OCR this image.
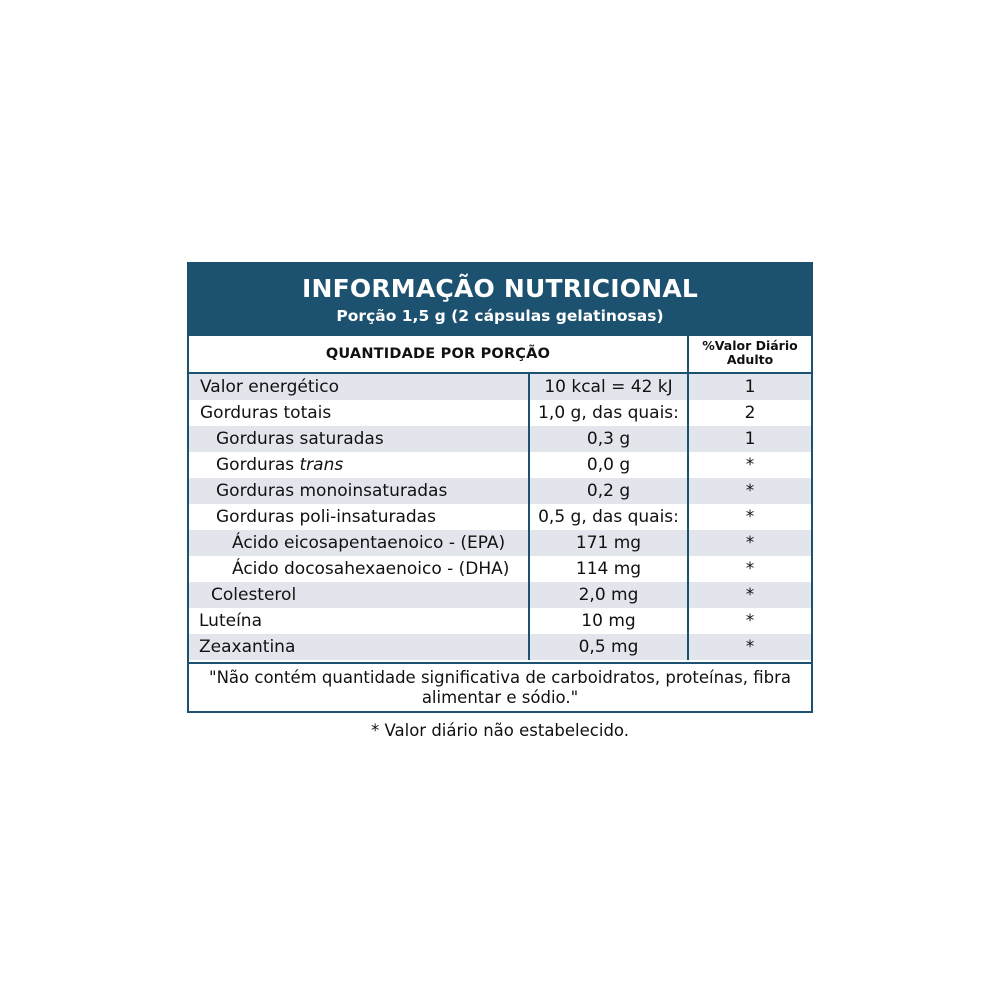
INFORMAÇÃO NUTRICIONAL
Porção 1,5 g (2 cápsulas gelatinosas)
QUANTIDADE POR PORÇÃO
%Valor Diário
Adulto
Valor energético	10 kcal = 42 kJ	1
Gorduras totais	1,0 g, das quais:	2
Gorduras saturadas	0,3 g	1
Gorduras trans	0,0 g	*
Gorduras monoinsaturadas	0,2 g	*
Gorduras poli-insaturadas	0,5 g, das quais:	*
Ácido eicosapentaenoico - (EPA)	171 mg	*
Ácido docosahexaenoico - (DHA)	114 mg	*
Colesterol	2,0 mg	*
Luteína	10 mg	*
Zeaxantina	0,5 mg	*
"Não contém quantidade significativa de carboidratos, proteínas, fibra
alimentar e sódio."
* Valor diário não estabelecido.
